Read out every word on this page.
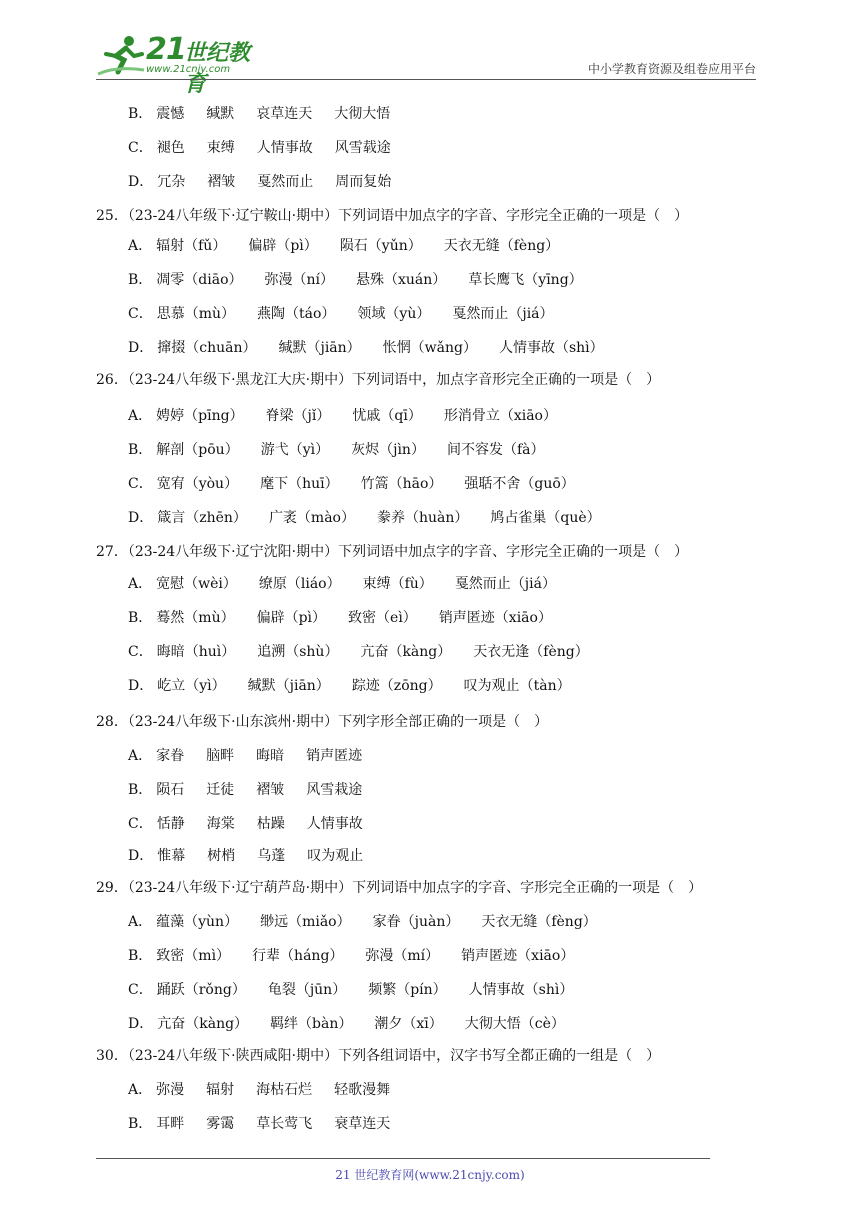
21
世纪教育
www.21cnjy.com	中小学教育资源及组卷应用平台
B． 震憾 缄默 哀草连天 大彻大悟
C． 褪色 束缚 人情事故 风雪载途
D． 冗杂 褶皱 戛然而止 周而复始
25．（23-24八年级下·辽宁鞍山·期中）下列词语中加点字的字音、字形完全正确的一项是（　）
A． 辐射（fǔ） 偏辟（pì） 陨石（yǔn） 天衣无缝（fèng）
B． 凋零（diāo） 弥漫（ní） 悬殊（xuán） 草长鹰飞（yīng）
C． 思慕（mù） 燕陶（táo） 领域（yù） 戛然而止（jiá）
D． 撺掇（chuān） 缄默（jiān） 怅惘（wǎng） 人情事故（shì）
26．（23-24八年级下·黑龙江大庆·期中）下列词语中，加点字音形完全正确的一项是（　）
A． 娉婷（pīng） 脊梁（jǐ） 忧戚（qī） 形消骨立（xiāo）
B． 解剖（pōu） 游弋（yì） 灰烬（jìn） 间不容发（fà）
C． 宽宥（yòu） 麾下（huī） 竹篙（hāo） 强聒不舍（guō）
D． 箴言（zhēn） 广袤（mào） 豢养（huàn） 鸠占雀巢（què）
27．（23-24八年级下·辽宁沈阳·期中）下列词语中加点字的字音、字形完全正确的一项是（　）
A． 宽慰（wèi） 缭原（liáo） 束缚（fù） 戛然而止（jiá）
B． 蓦然（mù） 偏辟（pì） 致密（eì） 销声匿迹（xiāo）
C． 晦暗（huì） 追溯（shù） 亢奋（kàng） 天衣无逢（fèng）
D． 屹立（yì） 缄默（jiān） 踪迹（zōng） 叹为观止（tàn）
28．（23-24八年级下·山东滨州·期中）下列字形全部正确的一项是（　）
A． 家眷 脑畔 晦暗 销声匿迹
B． 陨石 迁徒 褶皱 风雪栽途
C． 恬静 海棠 枯躁 人情事故
D． 惟幕 树梢 乌蓬 叹为观止
29．（23-24八年级下·辽宁葫芦岛·期中）下列词语中加点字的字音、字形完全正确的一项是（　）
A． 蕴藻（yùn） 缈远（miǎo） 家眷（juàn） 天衣无缝（fèng）
B． 致密（mì） 行辈（háng） 弥漫（mí） 销声匿迹（xiāo）
C． 踊跃（rǒng） 龟裂（jūn） 频繁（pín） 人情事故（shì）
D． 亢奋（kàng） 羁绊（bàn） 潮夕（xī） 大彻大悟（cè）
30．（23-24八年级下·陕西咸阳·期中）下列各组词语中，汉字书写全都正确的一组是（　）
A． 弥漫 辐射 海枯石烂 轻歌漫舞
B． 耳畔 雾霭 草长莺飞 衰草连天
21 世纪教育网(www.21cnjy.com)
